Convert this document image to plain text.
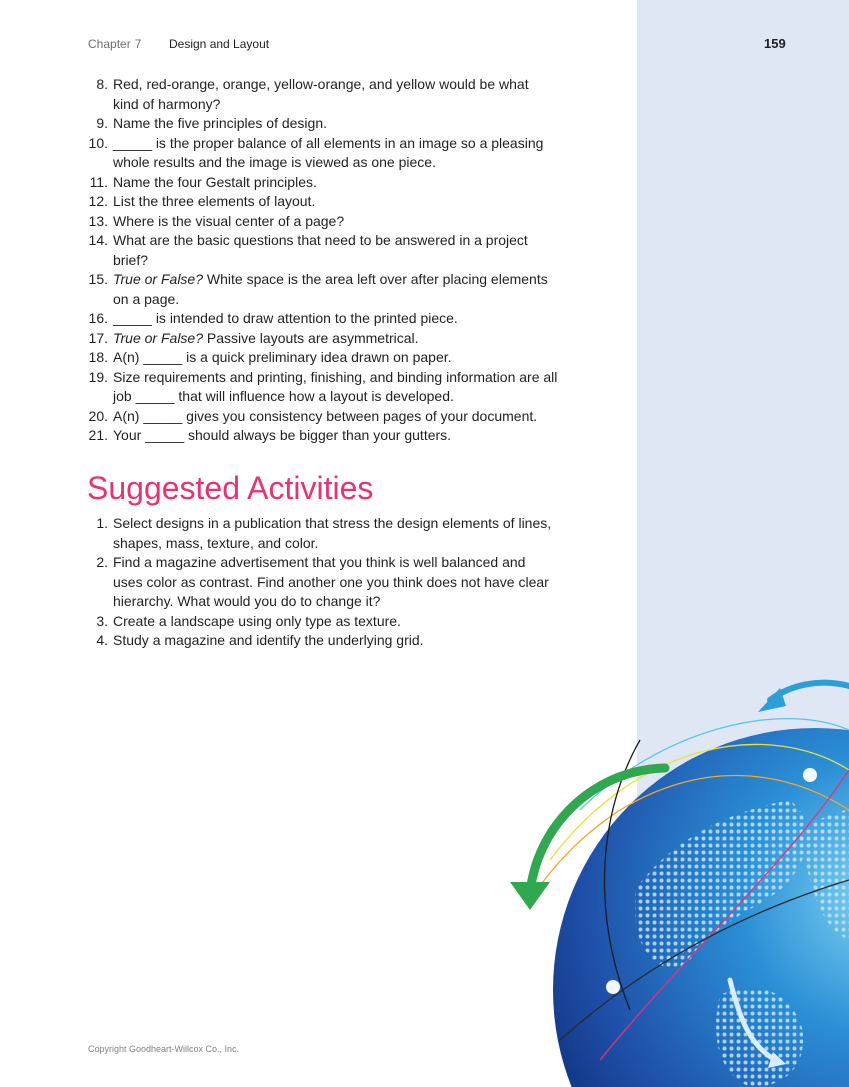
Chapter 7 Design and Layout	159
8. Red, red-orange, orange, yellow-orange, and yellow would be what kind of harmony?
9. Name the five principles of design.
10. _____ is the proper balance of all elements in an image so a pleasing whole results and the image is viewed as one piece.
11. Name the four Gestalt principles.
12. List the three elements of layout.
13. Where is the visual center of a page?
14. What are the basic questions that need to be answered in a project brief?
15. True or False? White space is the area left over after placing elements on a page.
16. _____ is intended to draw attention to the printed piece.
17. True or False? Passive layouts are asymmetrical.
18. A(n) _____ is a quick preliminary idea drawn on paper.
19. Size requirements and printing, finishing, and binding information are all job _____ that will influence how a layout is developed.
20. A(n) _____ gives you consistency between pages of your document.
21. Your _____ should always be bigger than your gutters.
Suggested Activities
1. Select designs in a publication that stress the design elements of lines, shapes, mass, texture, and color.
2. Find a magazine advertisement that you think is well balanced and uses color as contrast. Find another one you think does not have clear hierarchy. What would you do to change it?
3. Create a landscape using only type as texture.
4. Study a magazine and identify the underlying grid.
Copyright Goodheart-Willcox Co., Inc.
